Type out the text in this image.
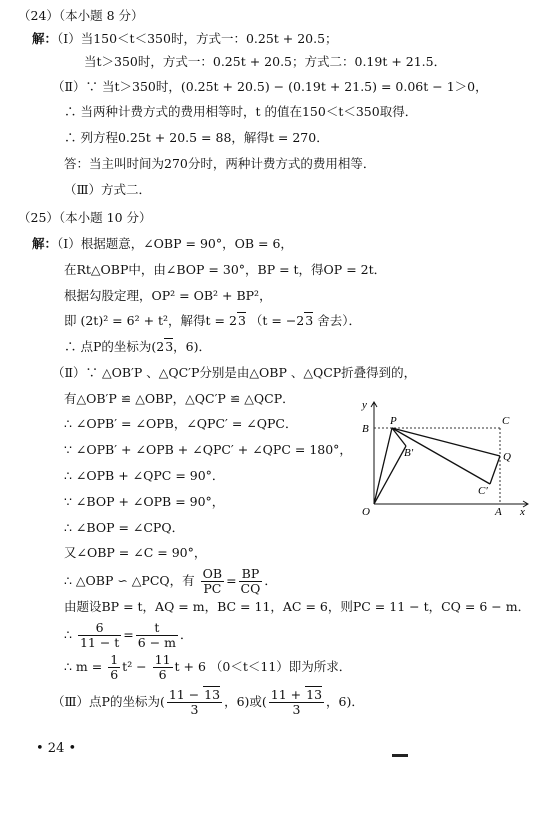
（24）（本小题 8 分）
解：（Ⅰ）当150＜t＜350时，方式一：0.25t + 20.5；
当t＞350时，方式一：0.25t + 20.5；方式二：0.19t + 21.5．
（Ⅱ）∵ 当t＞350时，(0.25t + 20.5) − (0.19t + 21.5) = 0.06t − 1＞0，
∴ 当两种计费方式的费用相等时，t 的值在150＜t＜350取得．
∴ 列方程0.25t + 20.5 = 88，解得t = 270．
答：当主叫时间为270分时，两种计费方式的费用相等．
（Ⅲ）方式二．
（25）（本小题 10 分）
解：（Ⅰ）根据题意，∠OBP = 90°，OB = 6，
在Rt△OBP中，由∠BOP = 30°，BP = t，得OP = 2t．
根据勾股定理，OP² = OB² + BP²，
即 (2t)² = 6² + t²，解得t = 23 （t = −23 舍去）．
∴ 点P的坐标为(23，6)．
（Ⅱ）∵ △OB′P 、△QC′P分别是由△OBP 、△QCP折叠得到的，
有△OB′P ≌ △OBP，△QC′P ≌ △QCP．
∴ ∠OPB′ = ∠OPB，∠QPC′ = ∠QPC．
∵ ∠OPB′ + ∠OPB + ∠QPC′ + ∠QPC = 180°，
∴ ∠OPB + ∠QPC = 90°．
∵ ∠BOP + ∠OPB = 90°，
∴ ∠BOP = ∠CPQ．
又∠OBP = ∠C = 90°，
∴ △OBP ∽ △PCQ，有 $\frac{OB}{PC} = \frac{BP}{CQ}$ ．
由题设BP = t，AQ = m，BC = 11，AC = 6，则PC = 11 − t，CQ = 6 − m．
∴ $\frac{6}{11 - t} = \frac{t}{6 - m}$ ．
∴ $m = \frac{1}{6} t^2 - \frac{11}{6}$ t + 6 （0＜t＜11）即为所求．
（Ⅲ）点P的坐标为( $\frac{11 - 13}{3}$ ，6)或( $\frac{11 + 13}{3}$ ，6)．
y
x
B
P	C
B′	Q
C′
O	A
• 24 •
